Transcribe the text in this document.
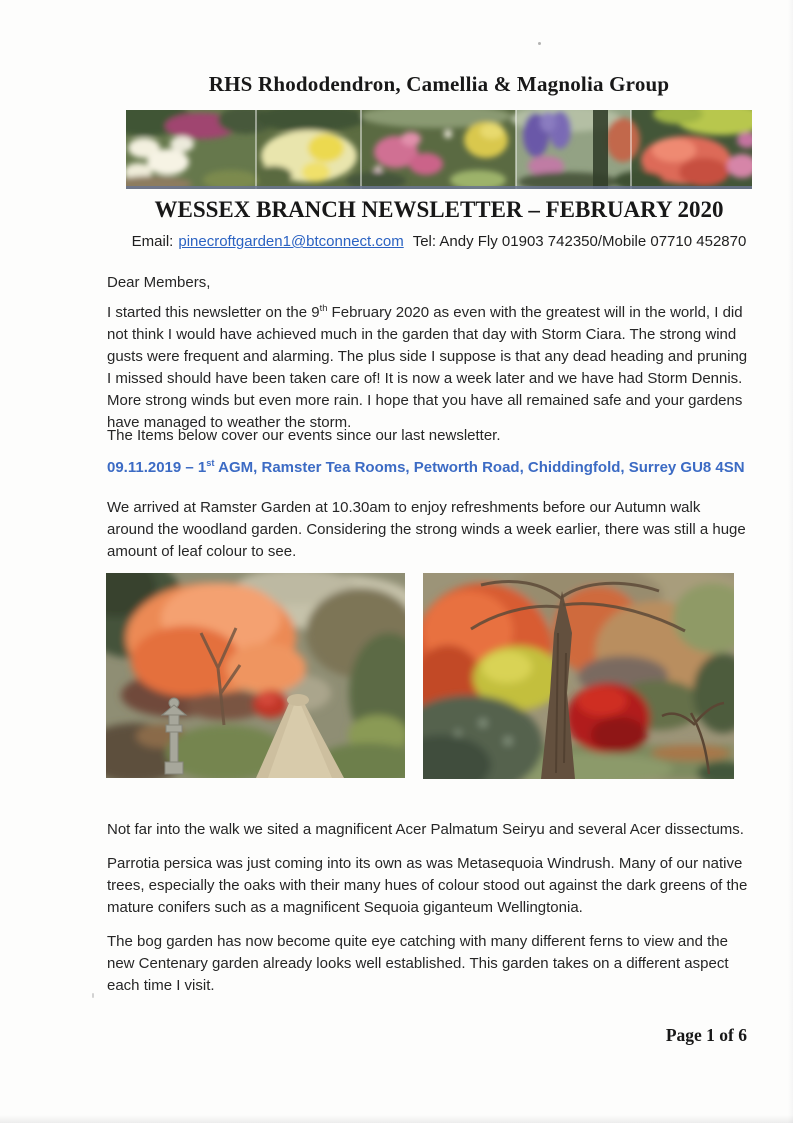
RHS Rhododendron, Camellia & Magnolia Group
WESSEX BRANCH NEWSLETTER – FEBRUARY 2020
Email: pinecroftgarden1@btconnect.com Tel: Andy Fly 01903 742350/Mobile 07710 452870
Dear Members,
I started this newsletter on the 9th February 2020 as even with the greatest will in the world, I did not think I would have achieved much in the garden that day with Storm Ciara. The strong wind gusts were frequent and alarming. The plus side I suppose is that any dead heading and pruning I missed should have been taken care of! It is now a week later and we have had Storm Dennis. More strong winds but even more rain. I hope that you have all remained safe and your gardens have managed to weather the storm.
The Items below cover our events since our last newsletter.
09.11.2019 – 1st AGM, Ramster Tea Rooms, Petworth Road, Chiddingfold, Surrey GU8 4SN
We arrived at Ramster Garden at 10.30am to enjoy refreshments before our Autumn walk around the woodland garden. Considering the strong winds a week earlier, there was still a huge amount of leaf colour to see.
Not far into the walk we sited a magnificent Acer Palmatum Seiryu and several Acer dissectums.
Parrotia persica was just coming into its own as was Metasequoia Windrush. Many of our native trees, especially the oaks with their many hues of colour stood out against the dark greens of the mature conifers such as a magnificent Sequoia giganteum Wellingtonia.
The bog garden has now become quite eye catching with many different ferns to view and the new Centenary garden already looks well established. This garden takes on a different aspect each time I visit.
Page 1 of 6
